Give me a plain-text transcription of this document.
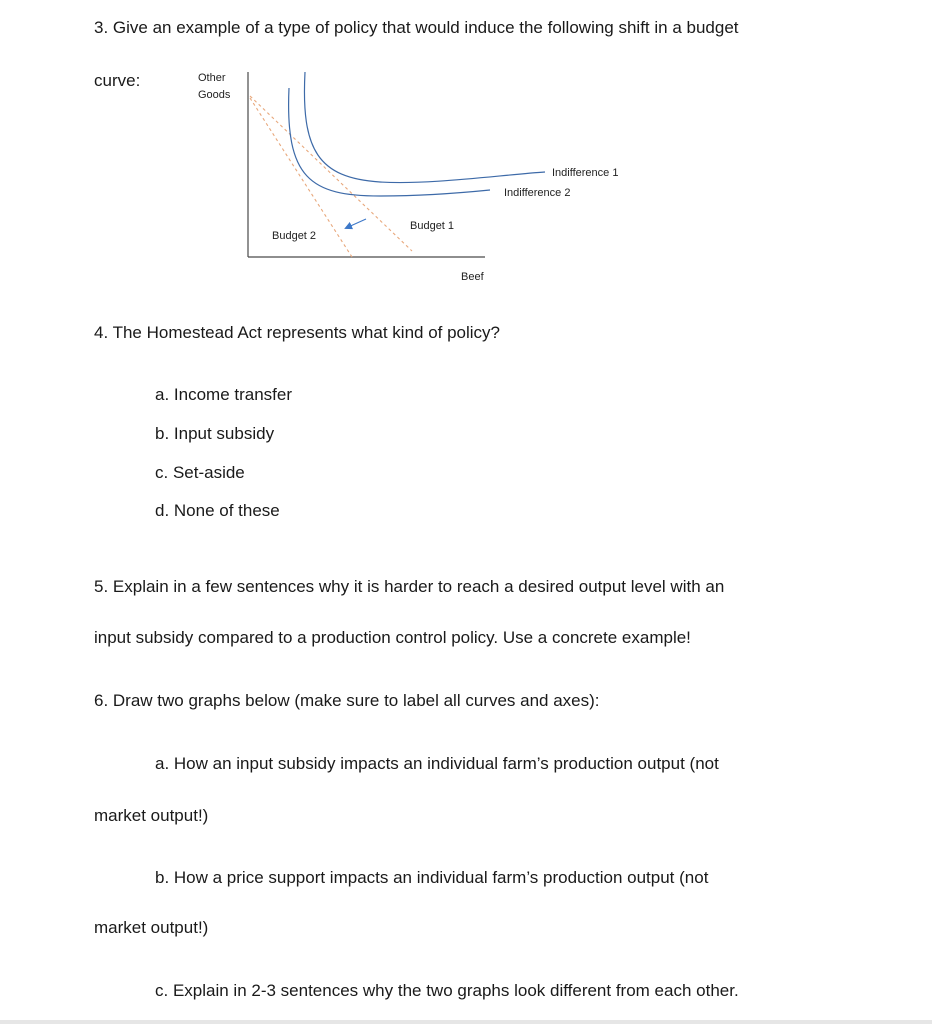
3. Give an example of a type of policy that would induce the following shift in a budget
curve:	Other
Goods
Indifference 1
Indifference 2
Budget 1
Budget 2
Beef
4. The Homestead Act represents what kind of policy?
a. Income transfer
b. Input subsidy
c. Set-aside
d. None of these
5. Explain in a few sentences why it is harder to reach a desired output level with an
input subsidy compared to a production control policy. Use a concrete example!
6. Draw two graphs below (make sure to label all curves and axes):
a. How an input subsidy impacts an individual farm’s production output (not
market output!)
b. How a price support impacts an individual farm’s production output (not
market output!)
c. Explain in 2-3 sentences why the two graphs look different from each other.
